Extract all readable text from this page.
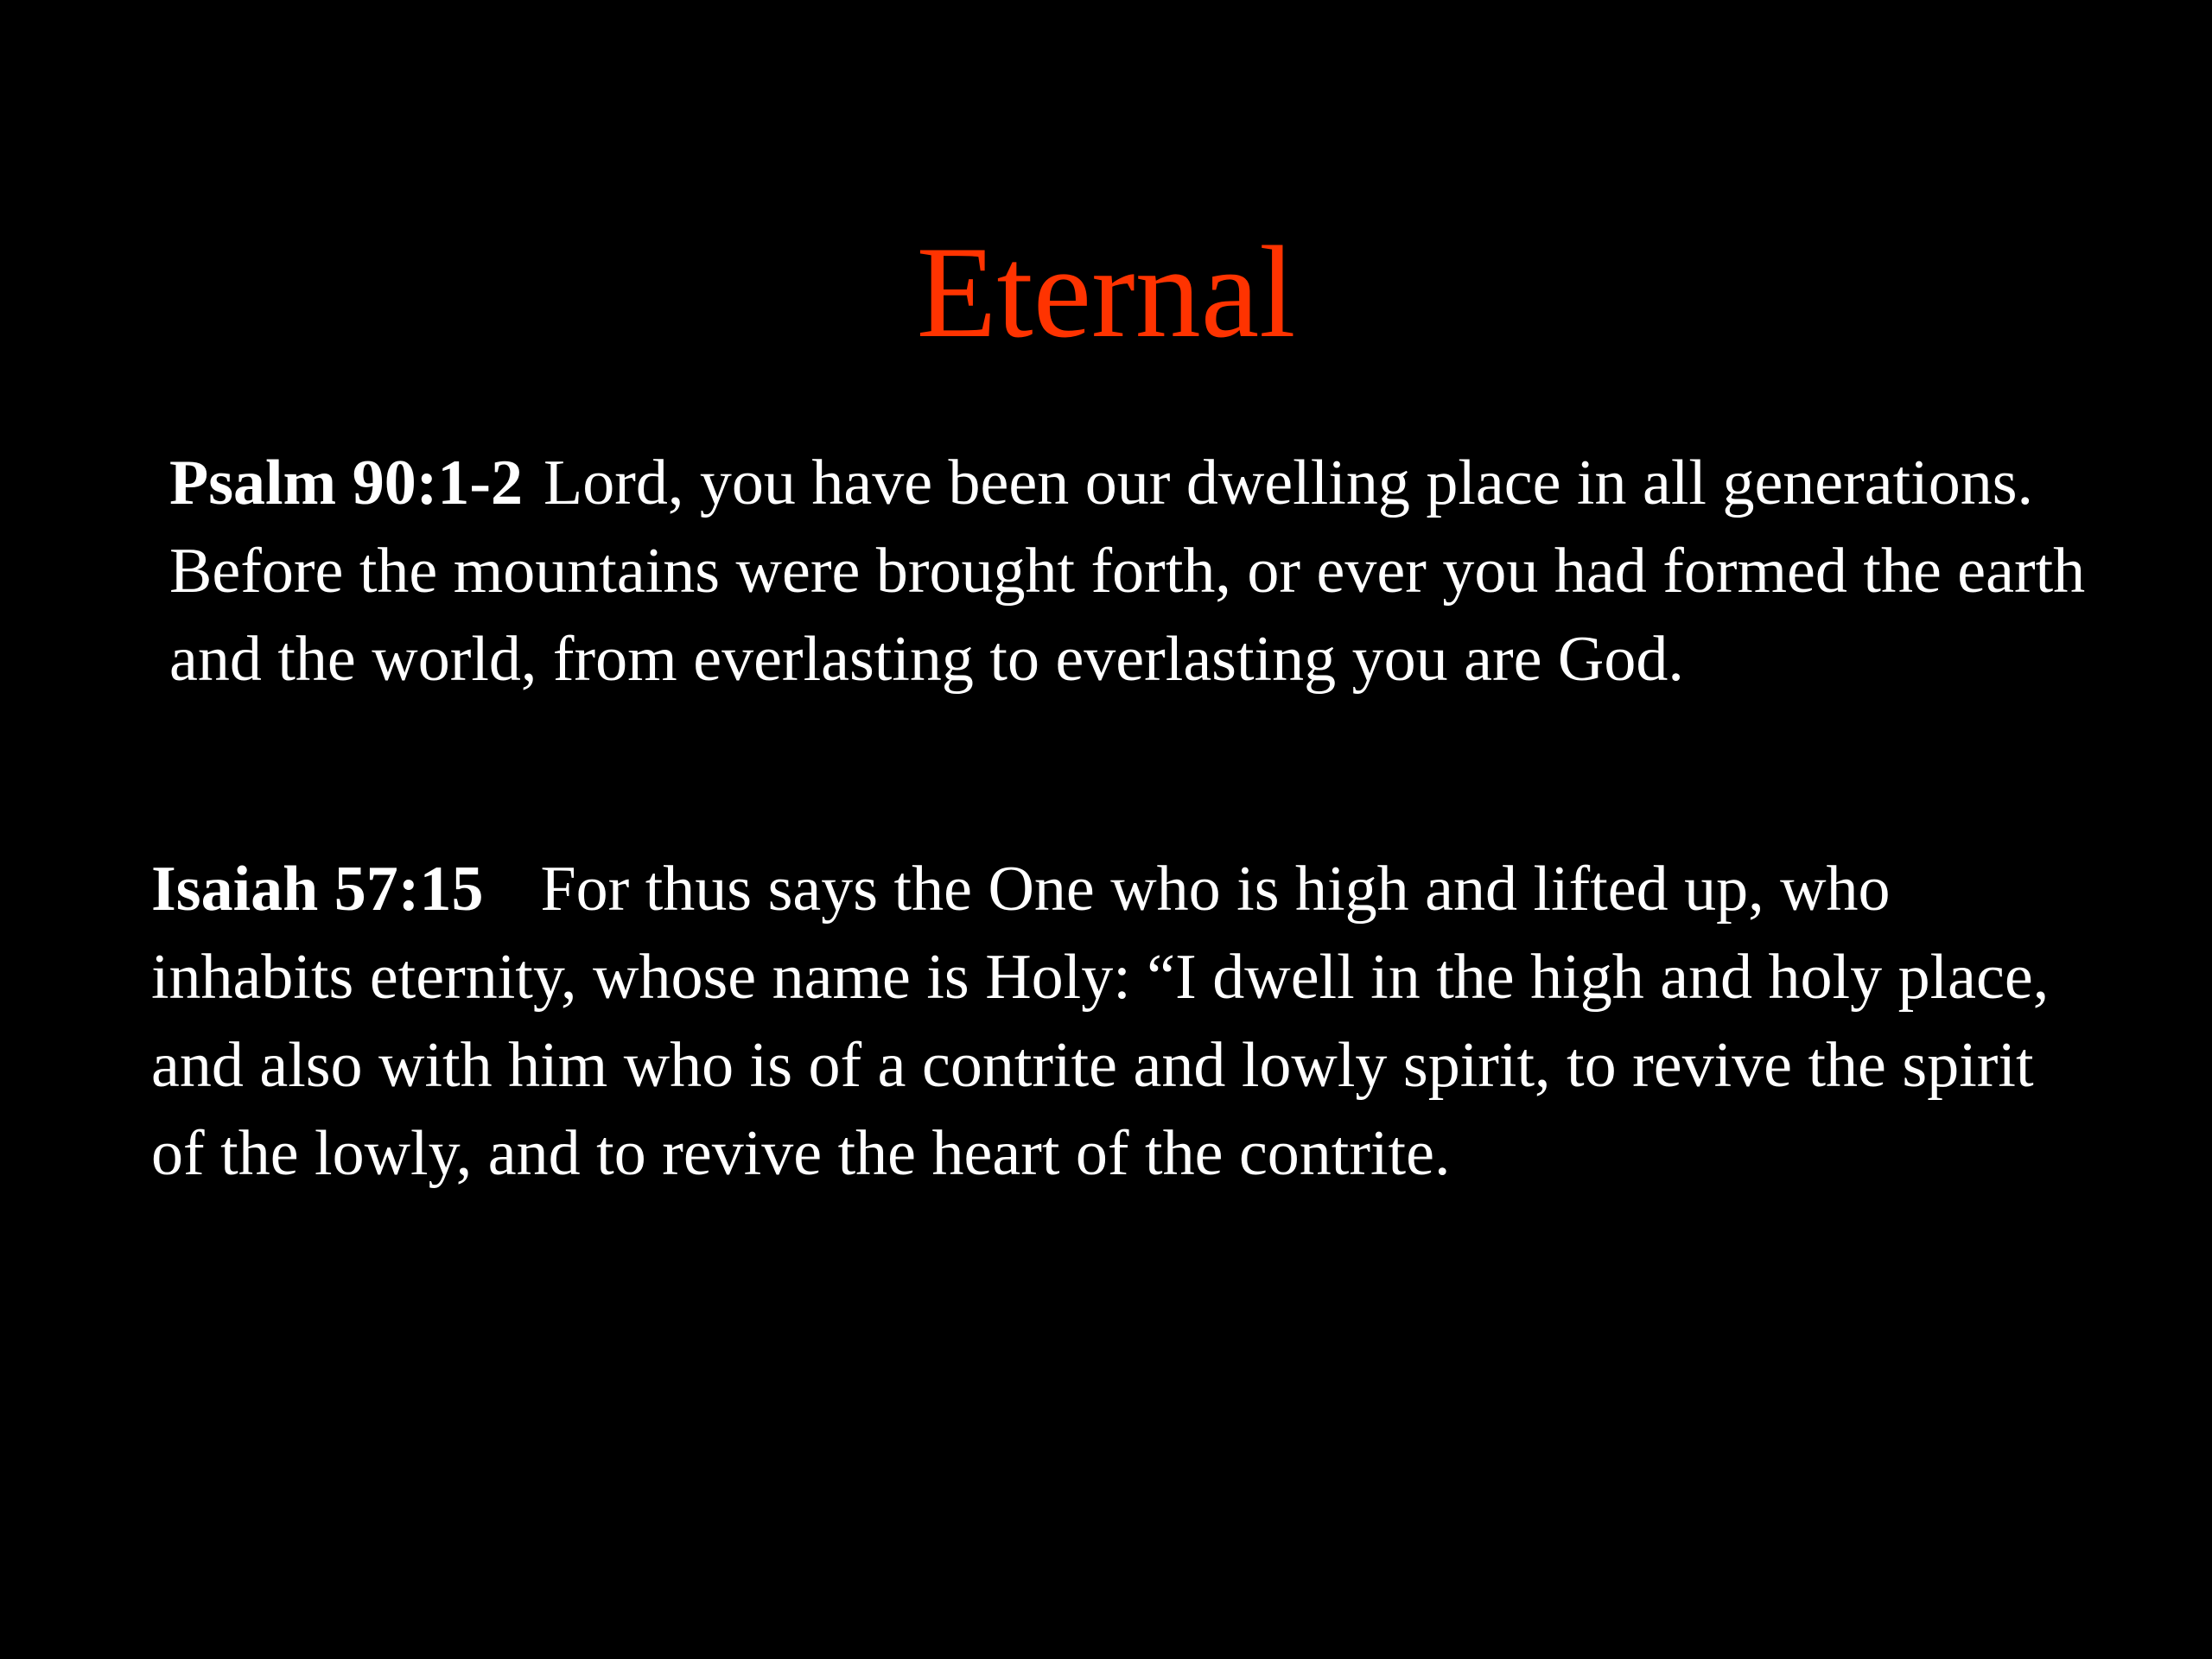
Eternal

Psalm 90:1-2 Lord, you have been our dwelling place in all generations. Before the mountains were brought forth, or ever you had formed the earth and the world, from everlasting to everlasting you are God.

Isaiah 57:15 For thus says the One who is high and lifted up, who inhabits eternity, whose name is Holy: “I dwell in the high and holy place, and also with him who is of a contrite and lowly spirit, to revive the spirit of the lowly, and to revive the heart of the contrite.
